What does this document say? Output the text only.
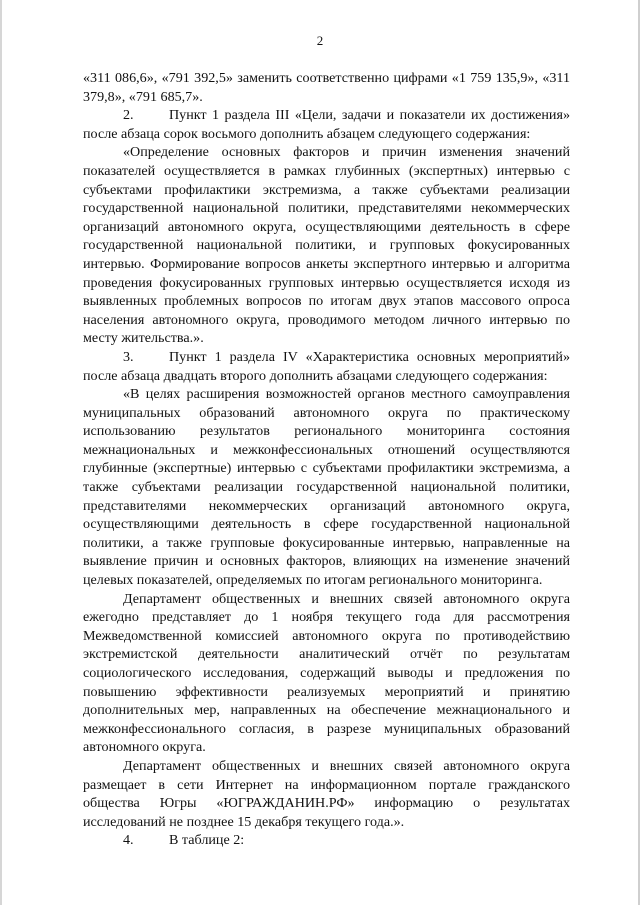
2

«311 086,6», «791 392,5» заменить соответственно цифрами «1 759 135,9», «311 379,8», «791 685,7».

2.	Пункт 1 раздела III «Цели, задачи и показатели их достижения» после абзаца сорок восьмого дополнить абзацем следующего содержания:

«Определение основных факторов и причин изменения значений показателей осуществляется в рамках глубинных (экспертных) интервью с субъектами профилактики экстремизма, а также субъектами реализации государственной национальной политики, представителями некоммерческих организаций автономного округа, осуществляющими деятельность в сфере государственной национальной политики, и групповых фокусированных интервью. Формирование вопросов анкеты экспертного интервью и алгоритма проведения фокусированных групповых интервью осуществляется исходя из выявленных проблемных вопросов по итогам двух этапов массового опроса населения автономного округа, проводимого методом личного интервью по месту жительства.».

3.	Пункт 1 раздела IV «Характеристика основных мероприятий» после абзаца двадцать второго дополнить абзацами следующего содержания:

«В целях расширения возможностей органов местного самоуправления муниципальных образований автономного округа по практическому использованию результатов регионального мониторинга состояния межнациональных и межконфессиональных отношений осуществляются глубинные (экспертные) интервью с субъектами профилактики экстремизма, а также субъектами реализации государственной национальной политики, представителями некоммерческих организаций автономного округа, осуществляющими деятельность в сфере государственной национальной политики, а также групповые фокусированные интервью, направленные на выявление причин и основных факторов, влияющих на изменение значений целевых показателей, определяемых по итогам регионального мониторинга.

Департамент общественных и внешних связей автономного округа ежегодно представляет до 1 ноября текущего года для рассмотрения Межведомственной комиссией автономного округа по противодействию экстремистской деятельности аналитический отчёт по результатам социологического исследования, содержащий выводы и предложения по повышению эффективности реализуемых мероприятий и принятию дополнительных мер, направленных на обеспечение межнационального и межконфессионального согласия, в разрезе муниципальных образований автономного округа.

Департамент общественных и внешних связей автономного округа размещает в сети Интернет на информационном портале гражданского общества Югры «ЮГРАЖДАНИН.РФ» информацию о результатах исследований не позднее 15 декабря текущего года.».

4.	В таблице 2:
